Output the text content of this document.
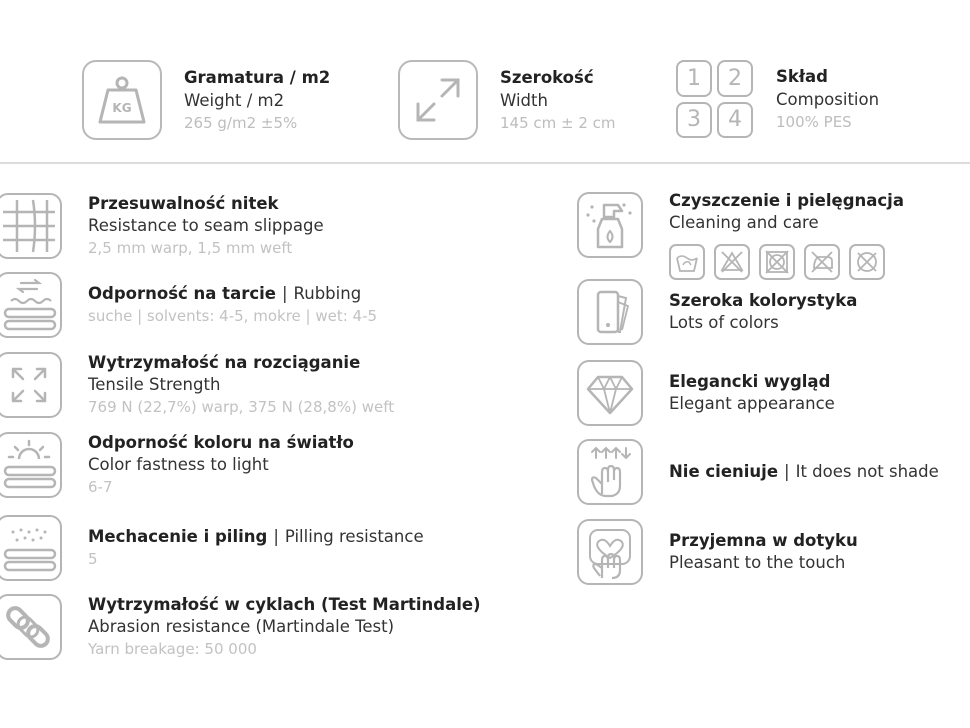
KG
Gramatura / m2
Weight / m2
265 g/m2 ±5%
Szerokość
Width
145 cm ± 2 cm
1	2
3	4
Skład
Composition
100% PES
Przesuwalność nitek
Resistance to seam slippage
2,5 mm warp, 1,5 mm weft
Odporność na tarcie | Rubbing
suche | solvents: 4-5, mokre | wet: 4-5
Wytrzymałość na rozciąganie
Tensile Strength
769 N (22,7%) warp, 375 N (28,8%) weft
Odporność koloru na światło
Color fastness to light
6-7
Mechacenie i piling | Pilling resistance
5
Wytrzymałość w cyklach (Test Martindale)
Abrasion resistance (Martindale Test)
Yarn breakage: 50 000
Czyszczenie i pielęgnacja
Cleaning and care
Szeroka kolorystyka
Lots of colors
Elegancki wygląd
Elegant appearance
Nie cieniuje | It does not shade
Przyjemna w dotyku
Pleasant to the touch
